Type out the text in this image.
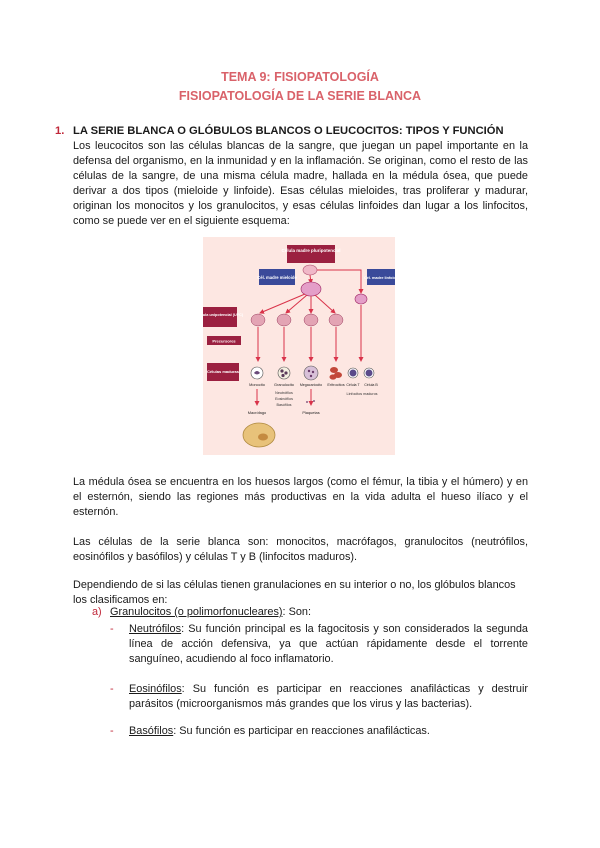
TEMA 9: FISIOPATOLOGÍA
FISIOPATOLOGÍA DE LA SERIE BLANCA
1. LA SERIE BLANCA O GLÓBULOS BLANCOS O LEUCOCITOS: TIPOS Y FUNCIÓN
Los leucocitos son las células blancas de la sangre, que juegan un papel importante en la defensa del organismo, en la inmunidad y en la inflamación. Se originan, como el resto de las células de la sangre, de una misma célula madre, hallada en la médula ósea, que puede derivar a dos tipos (mieloide y linfoide). Esas células mieloides, tras proliferar y madurar, originan los monocitos y los granulocitos, y esas células linfoides dan lugar a los linfocitos, como se puede ver en el siguiente esquema:
Célula madre pluripotencial
Cél. madre mieloide	Cél. madre linfoide
Célula unipotencial (UFC)
Precursores
Células maduras
Monocito Granulocito Megacariocito Eritrocitos Célula T Célula B
Neutrófilos
Eosinófilos
Basófilos
Linfocitos maduros
Macrófago	Plaquetas
La médula ósea se encuentra en los huesos largos (como el fémur, la tibia y el húmero) y en el esternón, siendo las regiones más productivas en la vida adulta el hueso ilíaco y el esternón.
Las células de la serie blanca son: monocitos, macrófagos, granulocitos (neutrófilos, eosinófilos y basófilos) y células T y B (linfocitos maduros).
Dependiendo de si las células tienen granulaciones en su interior o no, los glóbulos blancos los clasificamos en:
a) Granulocitos (o polimorfonucleares): Son:
- Neutrófilos: Su función principal es la fagocitosis y son considerados la segunda línea de acción defensiva, ya que actúan rápidamente desde el torrente sanguíneo, acudiendo al foco inflamatorio.
- Eosinófilos: Su función es participar en reacciones anafilácticas y destruir parásitos (microorganismos más grandes que los virus y las bacterias).
- Basófilos: Su función es participar en reacciones anafilácticas.
